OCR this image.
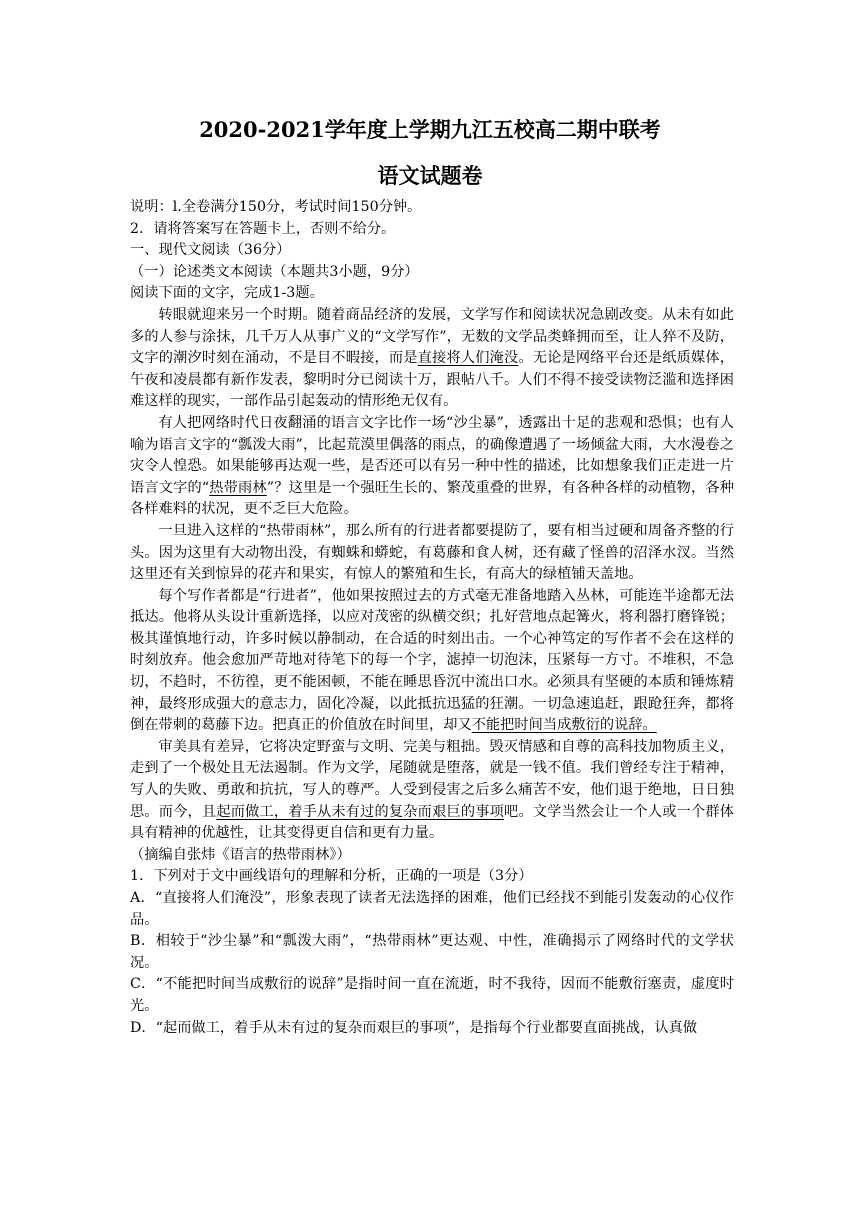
2020-2021学年度上学期九江五校高二期中联考
语文试题卷

说明：l.全卷满分150分，考试时间150分钟。

2．请将答案写在答题卡上，否则不给分。

一、现代文阅读（36分）

（一）论述类文本阅读（本题共3小题，9分）

阅读下面的文字，完成1-3题。

转眼就迎来另一个时期。随着商品经济的发展，文学写作和阅读状况急剧改变。从未有如此多的人参与涂抹，几千万人从事广义的“文学写作”，无数的文学品类蜂拥而至，让人猝不及防，文字的潮汐时刻在涌动，不是目不暇接，而是直接将人们淹没。无论是网络平台还是纸质媒体，午夜和凌晨都有新作发表，黎明时分已阅读十万，跟帖八千。人们不得不接受读物泛滥和选择困难这样的现实，一部作品引起轰动的情形绝无仅有。

有人把网络时代日夜翻涌的语言文字比作一场“沙尘暴”，透露出十足的悲观和恐惧；也有人喻为语言文字的“瓢泼大雨”，比起荒漠里偶落的雨点，的确像遭遇了一场倾盆大雨，大水漫卷之灾令人惶恐。如果能够再达观一些，是否还可以有另一种中性的描述，比如想象我们正走进一片语言文字的“热带雨林”？这里是一个强旺生长的、繁茂重叠的世界，有各种各样的动植物，各种各样难料的状况，更不乏巨大危险。

一旦进入这样的“热带雨林”，那么所有的行进者都要提防了，要有相当过硬和周备齐整的行头。因为这里有大动物出没，有蜘蛛和蟒蛇，有葛藤和食人树，还有藏了怪兽的沼泽水汊。当然这里还有关到惊异的花卉和果实，有惊人的繁殖和生长，有高大的绿植铺天盖地。

每个写作者都是“行进者”，他如果按照过去的方式毫无准备地踏入丛林，可能连半途都无法抵达。他将从头设计重新选择，以应对茂密的纵横交织；扎好营地点起篝火，将利器打磨锋锐；极其谨慎地行动，许多时候以静制动，在合适的时刻出击。一个心神笃定的写作者不会在这样的时刻放弃。他会愈加严苛地对待笔下的每一个字，滤掉一切泡沫，压紧每一方寸。不堆积，不急切，不趋时，不彷徨，更不能困顿，不能在睡思昏沉中流出口水。必须具有坚硬的本质和锤炼精神，最终形成强大的意志力，固化冷凝，以此抵抗迅猛的狂潮。一切急速追赶，跟跄狂奔，都将倒在带刺的葛藤下边。把真正的价值放在时间里，却又不能把时间当成敷衍的说辞。

审美具有差异，它将决定野蛮与文明、完美与粗拙。毁灭情感和自尊的高科技加物质主义，走到了一个极处且无法遏制。作为文学，尾随就是堕落，就是一钱不值。我们曾经专注于精神，写人的失败、勇敢和抗抗，写人的尊严。人受到侵害之后多么痛苦不安，他们退于绝地，日日独思。而今，且起而做工，着手从未有过的复杂而艰巨的事项吧。文学当然会让一个人或一个群体具有精神的优越性，让其变得更自信和更有力量。

（摘编自张炜《语言的热带雨林》）

1．下列对于文中画线语句的理解和分析，正确的一项是（3分）

A．“直接将人们淹没”，形象表现了读者无法选择的困难，他们已经找不到能引发轰动的心仪作品。

B．相较于“沙尘暴”和“瓢泼大雨”，“热带雨林”更达观、中性，准确揭示了网络时代的文学状况。

C．“不能把时间当成敷衍的说辞”是指时间一直在流逝，时不我待，因而不能敷衍塞责，虚度时光。

D．“起而做工，着手从未有过的复杂而艰巨的事项”，是指每个行业都要直面挑战，认真做
